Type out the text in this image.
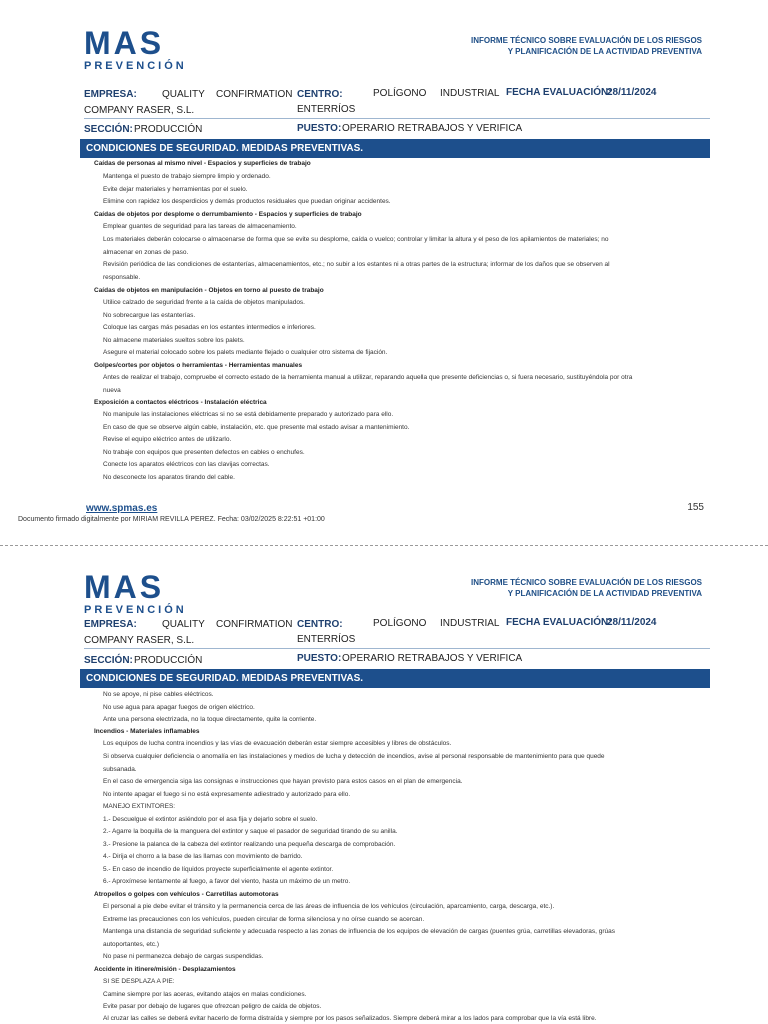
MAS
PREVENCIÓN
INFORME TÉCNICO SOBRE EVALUACIÓN DE LOS RIESGOS
Y PLANIFICACIÓN DE LA ACTIVIDAD PREVENTIVA
EMPRESA:	QUALITY CONFIRMATION
COMPANY RASER, S.L.
CENTRO:	POLÍGONO INDUSTRIAL
ENTERRÍOS
FECHA EVALUACIÓN:
28/11/2024
SECCIÓN: PRODUCCIÓN	PUESTO: OPERARIO RETRABAJOS Y VERIFICA
CONDICIONES DE SEGURIDAD. MEDIDAS PREVENTIVAS.
Caídas de personas al mismo nivel - Espacios y superficies de trabajo
Mantenga el puesto de trabajo siempre limpio y ordenado.
Evite dejar materiales y herramientas por el suelo.
Elimine con rapidez los desperdicios y demás productos residuales que puedan originar accidentes.
Caídas de objetos por desplome o derrumbamiento - Espacios y superficies de trabajo
Emplear guantes de seguridad para las tareas de almacenamiento.
Los materiales deberán colocarse o almacenarse de forma que se evite su desplome, caída o vuelco; controlar y limitar la altura y el peso de los apilamientos de materiales; no
almacenar en zonas de paso.
Revisión periódica de las condiciones de estanterías, almacenamientos, etc.; no subir a los estantes ni a otras partes de la estructura; informar de los daños que se observen al
responsable.
Caídas de objetos en manipulación - Objetos en torno al puesto de trabajo
Utilice calzado de seguridad frente a la caída de objetos manipulados.
No sobrecargue las estanterías.
Coloque las cargas más pesadas en los estantes intermedios e inferiores.
No almacene materiales sueltos sobre los palets.
Asegure el material colocado sobre los palets mediante flejado o cualquier otro sistema de fijación.
Golpes/cortes por objetos o herramientas - Herramientas manuales
Antes de realizar el trabajo, compruebe el correcto estado de la herramienta manual a utilizar, reparando aquella que presente deficiencias o, si fuera necesario, sustituyéndola por otra
nueva
Exposición a contactos eléctricos - Instalación eléctrica
No manipule las instalaciones eléctricas si no se está debidamente preparado y autorizado para ello.
En caso de que se observe algún cable, instalación, etc. que presente mal estado avisar a mantenimiento.
Revise el equipo eléctrico antes de utilizarlo.
No trabaje con equipos que presenten defectos en cables o enchufes.
Conecte los aparatos eléctricos con las clavijas correctas.
No desconecte los aparatos tirando del cable.
www.spmas.es	155
Documento firmado digitalmente por MIRIAM REVILLA PEREZ. Fecha: 03/02/2025 8:22:51 +01:00
MAS
PREVENCIÓN
INFORME TÉCNICO SOBRE EVALUACIÓN DE LOS RIESGOS
Y PLANIFICACIÓN DE LA ACTIVIDAD PREVENTIVA
EMPRESA:	QUALITY CONFIRMATION
COMPANY RASER, S.L.
CENTRO:	POLÍGONO INDUSTRIAL
ENTERRÍOS
FECHA EVALUACIÓN:
28/11/2024
SECCIÓN: PRODUCCIÓN	PUESTO: OPERARIO RETRABAJOS Y VERIFICA
CONDICIONES DE SEGURIDAD. MEDIDAS PREVENTIVAS.
No se apoye, ni pise cables eléctricos.
No use agua para apagar fuegos de origen eléctrico.
Ante una persona electrizada, no la toque directamente, quite la corriente.
Incendios - Materiales inflamables
Los equipos de lucha contra incendios y las vías de evacuación deberán estar siempre accesibles y libres de obstáculos.
Si observa cualquier deficiencia o anomalía en las instalaciones y medios de lucha y detección de incendios, avise al personal responsable de mantenimiento para que quede
subsanada.
En el caso de emergencia siga las consignas e instrucciones que hayan previsto para estos casos en el plan de emergencia.
No intente apagar el fuego si no está expresamente adiestrado y autorizado para ello.
MANEJO EXTINTORES:
1.- Descuelgue el extintor asiéndolo por el asa fija y dejarlo sobre el suelo.
2.- Agarre la boquilla de la manguera del extintor y saque el pasador de seguridad tirando de su anilla.
3.- Presione la palanca de la cabeza del extintor realizando una pequeña descarga de comprobación.
4.- Dirija el chorro a la base de las llamas con movimiento de barrido.
5.- En caso de incendio de líquidos proyecte superficialmente el agente extintor.
6.- Aproxímese lentamente al fuego, a favor del viento, hasta un máximo de un metro.
Atropellos o golpes con vehículos - Carretillas automotoras
El personal a pie debe evitar el tránsito y la permanencia cerca de las áreas de influencia de los vehículos (circulación, aparcamiento, carga, descarga, etc.).
Extreme las precauciones con los vehículos, pueden circular de forma silenciosa y no oírse cuando se acercan.
Mantenga una distancia de seguridad suficiente y adecuada respecto a las zonas de influencia de los equipos de elevación de cargas (puentes grúa, carretillas elevadoras, grúas
autoportantes, etc.)
No pase ni permanezca debajo de cargas suspendidas.
Accidente in itinere/misión - Desplazamientos
SI SE DESPLAZA A PIE:
Camine siempre por las aceras, evitando atajos en malas condiciones.
Evite pasar por debajo de lugares que ofrezcan peligro de caída de objetos.
Al cruzar las calles se deberá evitar hacerlo de forma distraída y siempre por los pasos señalizados. Siempre deberá mirar a los lados para comprobar que la vía está libre.
